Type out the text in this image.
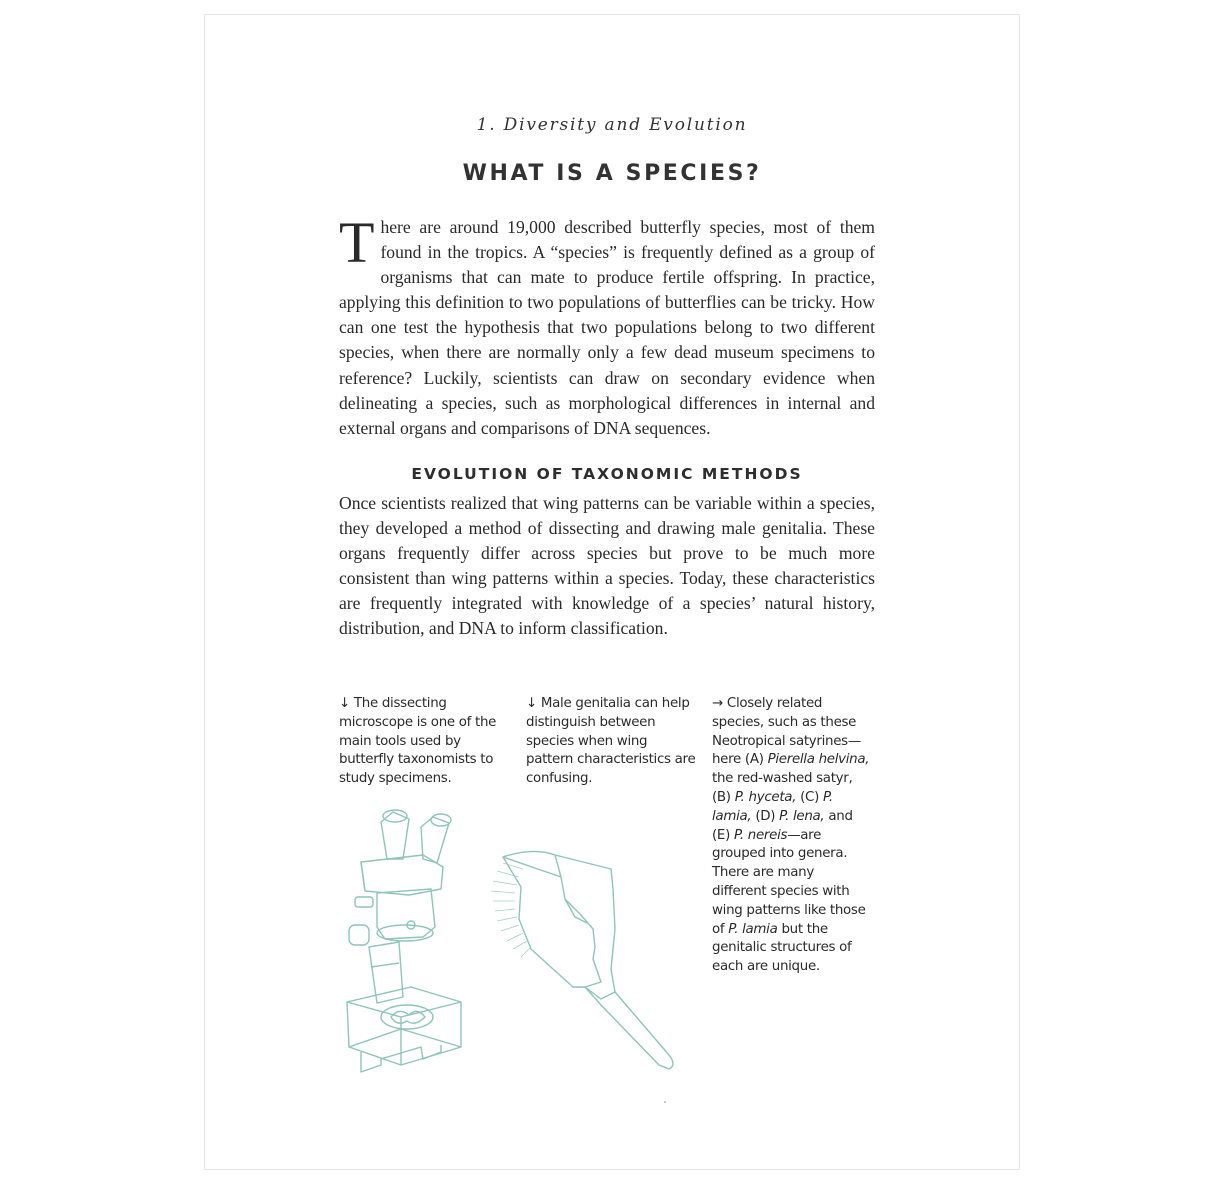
1. Diversity and Evolution
WHAT IS A SPECIES?

There are around 19,000 described butterfly species, most of them found in the tropics. A “species” is frequently defined as a group of organisms that can mate to produce fertile offspring. In practice, applying this definition to two populations of butterflies can be tricky. How can one test the hypothesis that two populations belong to two different species, when there are normally only a few dead museum specimens to reference? Luckily, scientists can draw on secondary evidence when delineating a species, such as morphological differences in internal and external organs and comparisons of DNA sequences.

EVOLUTION OF TAXONOMIC METHODS

Once scientists realized that wing patterns can be variable within a species, they developed a method of dissecting and drawing male genitalia. These organs frequently differ across species but prove to be much more consistent than wing patterns within a species. Today, these characteristics are frequently integrated with knowledge of a species’ natural history, distribution, and DNA to inform classification.

↓ The dissecting microscope is one of the main tools used by butterfly taxonomists to study specimens.
↓ Male genitalia can help distinguish between species when wing pattern characteristics are confusing.
→ Closely related species, such as these Neotropical satyrines—here (A) Pierella helvina, the red-washed satyr, (B) P. hyceta, (C) P. lamia, (D) P. lena, and (E) P. nereis—are grouped into genera. There are many different species with wing patterns like those of P. lamia but the genitalic structures of each are unique.
